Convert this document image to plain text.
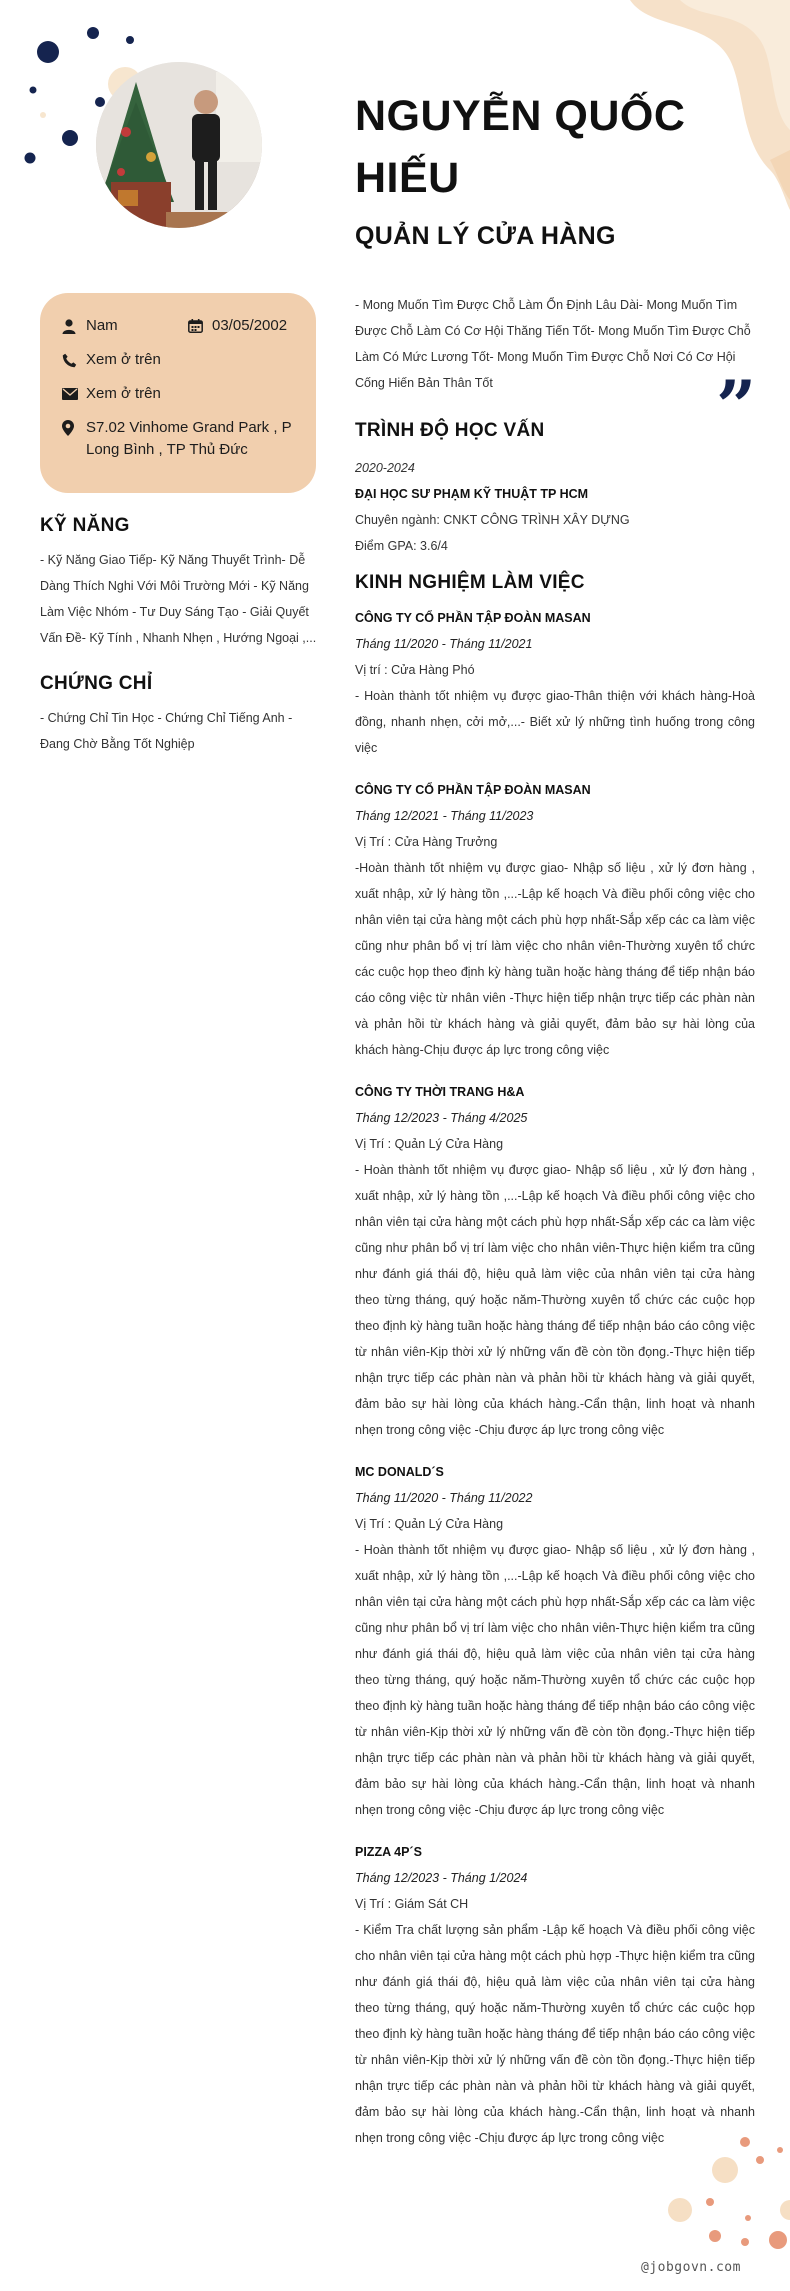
NGUYỄN QUỐC HIẾU
QUẢN LÝ CỬA HÀNG
Nam	03/05/2002
Xem ở trên
Xem ở trên
S7.02 Vinhome Grand Park , P Long Bình , TP Thủ Đức
KỸ NĂNG
- Kỹ Năng Giao Tiếp- Kỹ Năng Thuyết Trình- Dễ Dàng Thích Nghi Với Môi Trường Mới - Kỹ Năng Làm Việc Nhóm - Tư Duy Sáng Tạo - Giải Quyết Vấn Đề- Kỹ Tính , Nhanh Nhẹn , Hướng Ngoại ,...
CHỨNG CHỈ
- Chứng Chỉ Tin Học - Chứng Chỉ Tiếng Anh - Đang Chờ Bằng Tốt Nghiệp
- Mong Muốn Tìm Được Chỗ Làm Ổn Định Lâu Dài- Mong Muốn Tìm Được Chỗ Làm Có Cơ Hội Thăng Tiến Tốt- Mong Muốn Tìm Được Chỗ Làm Có Mức Lương Tốt- Mong Muốn Tìm Được Chỗ Nơi Có Cơ Hội Cống Hiến Bản Thân Tốt	”
TRÌNH ĐỘ HỌC VẤN
2020-2024
ĐẠI HỌC SƯ PHẠM KỸ THUẬT TP HCM
Chuyên ngành: CNKT CÔNG TRÌNH XÂY DỰNG
Điểm GPA: 3.6/4
KINH NGHIỆM LÀM VIỆC
CÔNG TY CỔ PHẦN TẬP ĐOÀN MASAN
Tháng 11/2020 - Tháng 11/2021
Vị trí : Cửa Hàng Phó
- Hoàn thành tốt nhiệm vụ được giao-Thân thiện với khách hàng-Hoà đồng, nhanh nhẹn, cởi mở,...- Biết xử lý những tình huống trong công việc
CÔNG TY CỔ PHẦN TẬP ĐOÀN MASAN
Tháng 12/2021 - Tháng 11/2023
Vị Trí : Cửa Hàng Trưởng
-Hoàn thành tốt nhiệm vụ được giao- Nhập số liệu , xử lý đơn hàng , xuất nhập, xử lý hàng tồn ,...-Lập kế hoạch Và điều phối công việc cho nhân viên tại cửa hàng một cách phù hợp nhất-Sắp xếp các ca làm việc cũng như phân bổ vị trí làm việc cho nhân viên-Thường xuyên tổ chức các cuộc họp theo định kỳ hàng tuần hoặc hàng tháng để tiếp nhận báo cáo công việc từ nhân viên -Thực hiện tiếp nhận trực tiếp các phàn nàn và phản hồi từ khách hàng và giải quyết, đảm bảo sự hài lòng của khách hàng-Chịu được áp lực trong công việc
CÔNG TY THỜI TRANG H&A
Tháng 12/2023 - Tháng 4/2025
Vị Trí : Quản Lý Cửa Hàng
- Hoàn thành tốt nhiệm vụ được giao- Nhập số liệu , xử lý đơn hàng , xuất nhập, xử lý hàng tồn ,...-Lập kế hoạch Và điều phối công việc cho nhân viên tại cửa hàng một cách phù hợp nhất-Sắp xếp các ca làm việc cũng như phân bổ vị trí làm việc cho nhân viên-Thực hiện kiểm tra cũng như đánh giá thái độ, hiệu quả làm việc của nhân viên tại cửa hàng theo từng tháng, quý hoặc năm-Thường xuyên tổ chức các cuộc họp theo định kỳ hàng tuần hoặc hàng tháng để tiếp nhận báo cáo công việc từ nhân viên-Kịp thời xử lý những vấn đề còn tồn đọng.-Thực hiện tiếp nhận trực tiếp các phàn nàn và phản hồi từ khách hàng và giải quyết, đảm bảo sự hài lòng của khách hàng.-Cẩn thận, linh hoạt và nhanh nhẹn trong công việc -Chịu được áp lực trong công việc
MC DONALD´S
Tháng 11/2020 - Tháng 11/2022
Vị Trí : Quản Lý Cửa Hàng
- Hoàn thành tốt nhiệm vụ được giao- Nhập số liệu , xử lý đơn hàng , xuất nhập, xử lý hàng tồn ,...-Lập kế hoạch Và điều phối công việc cho nhân viên tại cửa hàng một cách phù hợp nhất-Sắp xếp các ca làm việc cũng như phân bổ vị trí làm việc cho nhân viên-Thực hiện kiểm tra cũng như đánh giá thái độ, hiệu quả làm việc của nhân viên tại cửa hàng theo từng tháng, quý hoặc năm-Thường xuyên tổ chức các cuộc họp theo định kỳ hàng tuần hoặc hàng tháng để tiếp nhận báo cáo công việc từ nhân viên-Kịp thời xử lý những vấn đề còn tồn đọng.-Thực hiện tiếp nhận trực tiếp các phàn nàn và phản hồi từ khách hàng và giải quyết, đảm bảo sự hài lòng của khách hàng.-Cẩn thận, linh hoạt và nhanh nhẹn trong công việc -Chịu được áp lực trong công việc
PIZZA 4P´S
Tháng 12/2023 - Tháng 1/2024
Vị Trí : Giám Sát CH
- Kiểm Tra chất lượng sản phẩm -Lập kế hoạch Và điều phối công việc cho nhân viên tại cửa hàng một cách phù hợp -Thực hiện kiểm tra cũng như đánh giá thái độ, hiệu quả làm việc của nhân viên tại cửa hàng theo từng tháng, quý hoặc năm-Thường xuyên tổ chức các cuộc họp theo định kỳ hàng tuần hoặc hàng tháng để tiếp nhận báo cáo công việc từ nhân viên-Kịp thời xử lý những vấn đề còn tồn đọng.-Thực hiện tiếp nhận trực tiếp các phàn nàn và phản hồi từ khách hàng và giải quyết, đảm bảo sự hài lòng của khách hàng.-Cẩn thận, linh hoạt và nhanh nhẹn trong công việc -Chịu được áp lực trong công việc
@jobgovn.com
